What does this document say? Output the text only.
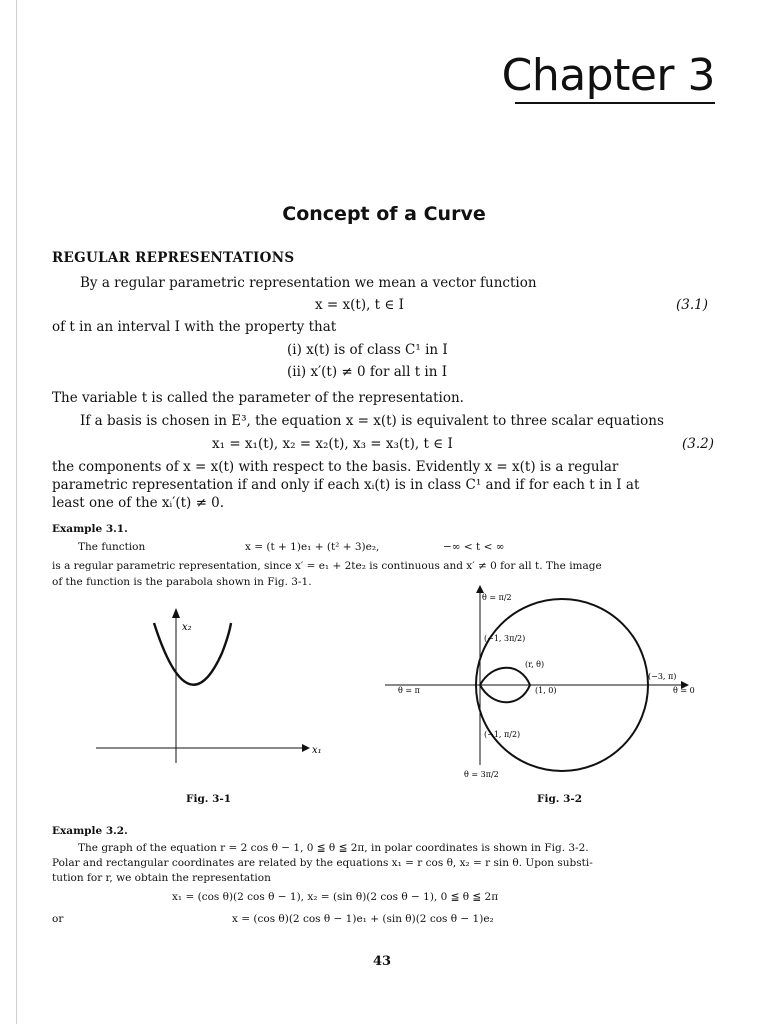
Chapter 3
Concept of a Curve
REGULAR REPRESENTATIONS
By a regular parametric representation we mean a vector function
x = x(t), t ∈ I	(3.1)
of t in an interval I with the property that
(i) x(t) is of class C¹ in I
(ii) x′(t) ≠ 0 for all t in I
The variable t is called the parameter of the representation.
If a basis is chosen in E³, the equation x = x(t) is equivalent to three scalar equations
x₁ = x₁(t), x₂ = x₂(t), x₃ = x₃(t), t ∈ I	(3.2)
the components of x = x(t) with respect to the basis. Evidently x = x(t) is a regular
parametric representation if and only if each xᵢ(t) is in class C¹ and if for each t in I at
least one of the xᵢ′(t) ≠ 0.
Example 3.1.
The function	x = (t + 1)e₁ + (t² + 3)e₂,	−∞ < t < ∞
is a regular parametric representation, since x′ = e₁ + 2te₂ is continuous and x′ ≠ 0 for all t. The image
of the function is the parabola shown in Fig. 3-1.
x₂
x₁
Fig. 3-1
θ = π/2
θ = 3π/2
θ = π	θ = 0
(−1, 3π/2)
(r, θ)
(1, 0)
(−3, π)
(−1, π/2)
Fig. 3-2
Example 3.2.
The graph of the equation r = 2 cos θ − 1, 0 ≦ θ ≦ 2π, in polar coordinates is shown in Fig. 3-2.
Polar and rectangular coordinates are related by the equations x₁ = r cos θ, x₂ = r sin θ. Upon substi-
tution for r, we obtain the representation
x₁ = (cos θ)(2 cos θ − 1), x₂ = (sin θ)(2 cos θ − 1), 0 ≦ θ ≦ 2π
or	x = (cos θ)(2 cos θ − 1)e₁ + (sin θ)(2 cos θ − 1)e₂
43
